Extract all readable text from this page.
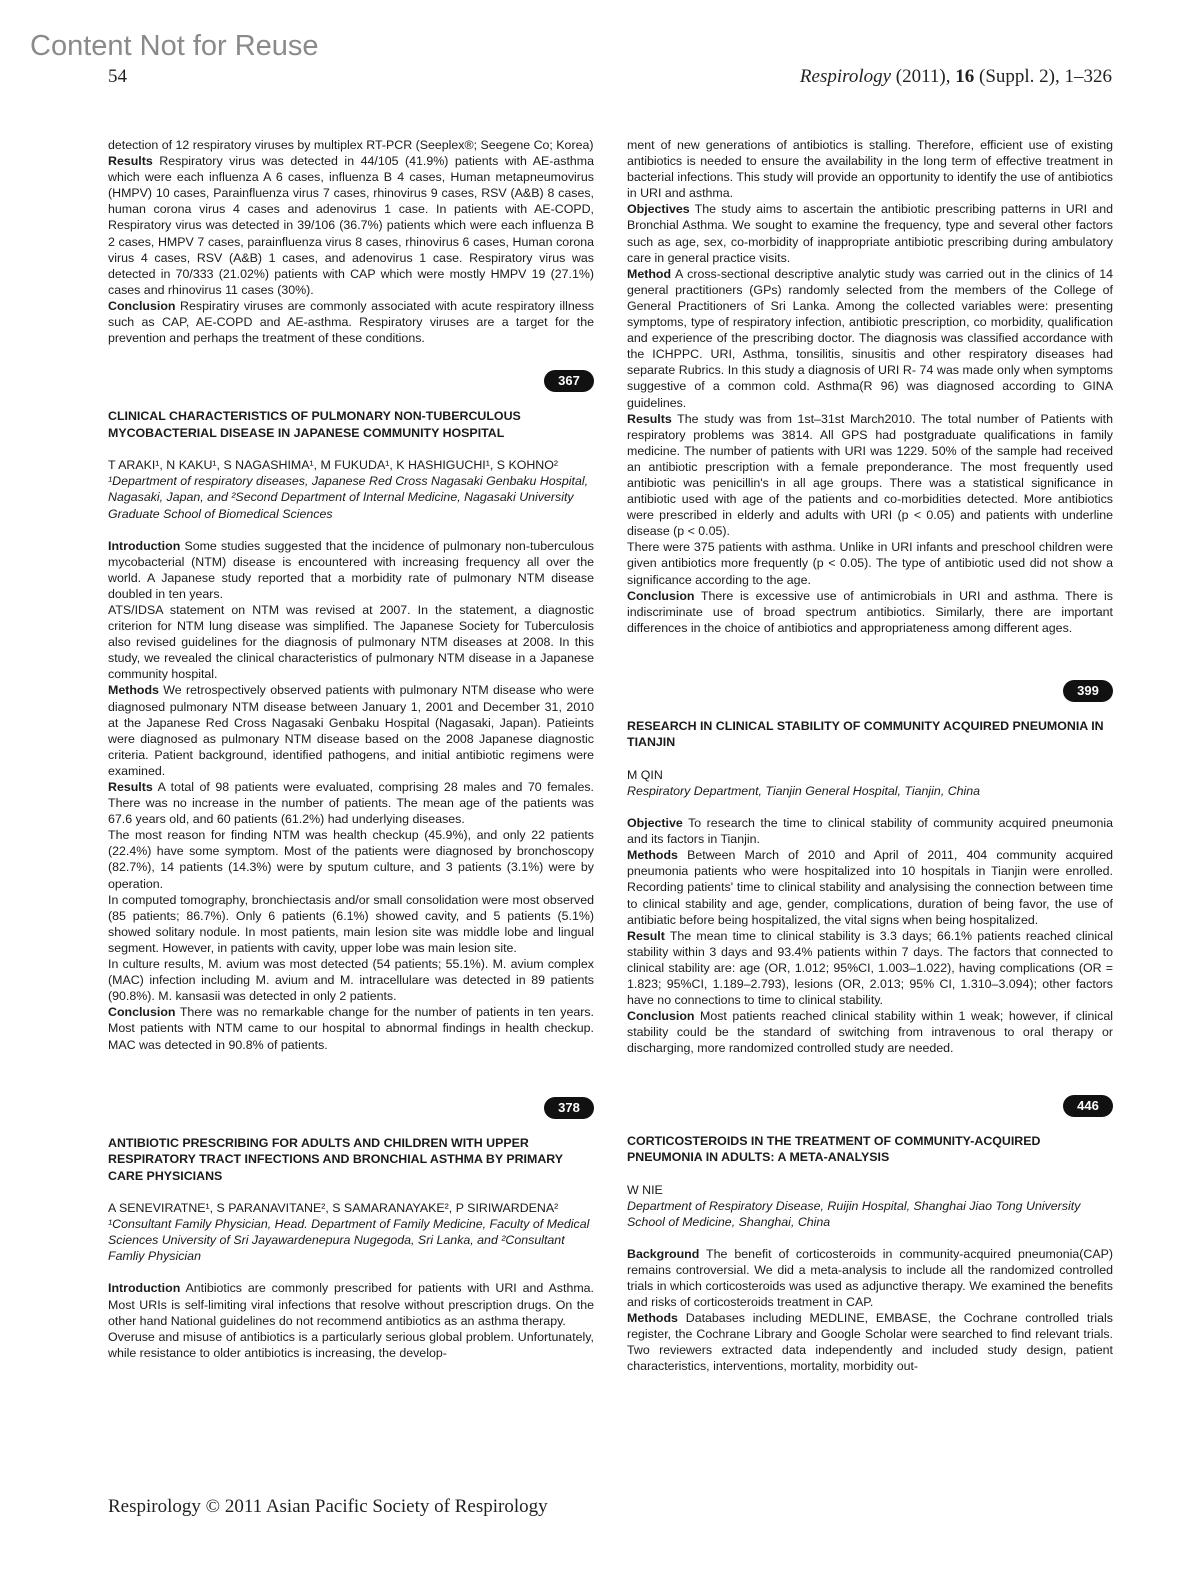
Content Not for Reuse
54	Respirology (2011), 16 (Suppl. 2), 1–326

detection of 12 respiratory viruses by multiplex RT-PCR (Seeplex®; Seegene Co; Korea)

Results Respiratory virus was detected in 44/105 (41.9%) patients with AE-asthma which were each influenza A 6 cases, influenza B 4 cases, Human metapneumovirus (HMPV) 10 cases, Parainfluenza virus 7 cases, rhinovirus 9 cases, RSV (A&B) 8 cases, human corona virus 4 cases and adenovirus 1 case. In patients with AE-COPD, Respiratory virus was detected in 39/106 (36.7%) patients which were each influenza B 2 cases, HMPV 7 cases, parainfluenza virus 8 cases, rhinovirus 6 cases, Human corona virus 4 cases, RSV (A&B) 1 cases, and adenovirus 1 case. Respiratory virus was detected in 70/333 (21.02%) patients with CAP which were mostly HMPV 19 (27.1%) cases and rhinovirus 11 cases (30%).

Conclusion Respiratiry viruses are commonly associated with acute respiratory illness such as CAP, AE-COPD and AE-asthma. Respiratory viruses are a target for the prevention and perhaps the treatment of these conditions.

367

CLINICAL CHARACTERISTICS OF PULMONARY NON-TUBERCULOUS MYCOBACTERIAL DISEASE IN JAPANESE COMMUNITY HOSPITAL

T ARAKI¹, N KAKU¹, S NAGASHIMA¹, M FUKUDA¹, K HASHIGUCHI¹, S KOHNO²

¹Department of respiratory diseases, Japanese Red Cross Nagasaki Genbaku Hospital, Nagasaki, Japan, and ²Second Department of Internal Medicine, Nagasaki University Graduate School of Biomedical Sciences

Introduction Some studies suggested that the incidence of pulmonary non-tuberculous mycobacterial (NTM) disease is encountered with increasing frequency all over the world. A Japanese study reported that a morbidity rate of pulmonary NTM disease doubled in ten years.

ATS/IDSA statement on NTM was revised at 2007. In the statement, a diagnostic criterion for NTM lung disease was simplified. The Japanese Society for Tuberculosis also revised guidelines for the diagnosis of pulmonary NTM diseases at 2008. In this study, we revealed the clinical characteristics of pulmonary NTM disease in a Japanese community hospital.

Methods We retrospectively observed patients with pulmonary NTM disease who were diagnosed pulmonary NTM disease between January 1, 2001 and December 31, 2010 at the Japanese Red Cross Nagasaki Genbaku Hospital (Nagasaki, Japan). Patieints were diagnosed as pulmonary NTM disease based on the 2008 Japanese diagnostic criteria. Patient background, identified pathogens, and initial antibiotic regimens were examined.

Results A total of 98 patients were evaluated, comprising 28 males and 70 females. There was no increase in the number of patients. The mean age of the patients was 67.6 years old, and 60 patients (61.2%) had underlying diseases.

The most reason for finding NTM was health checkup (45.9%), and only 22 patients (22.4%) have some symptom. Most of the patients were diagnosed by bronchoscopy (82.7%), 14 patients (14.3%) were by sputum culture, and 3 patients (3.1%) were by operation.

In computed tomography, bronchiectasis and/or small consolidation were most observed (85 patients; 86.7%). Only 6 patients (6.1%) showed cavity, and 5 patients (5.1%) showed solitary nodule. In most patients, main lesion site was middle lobe and lingual segment. However, in patients with cavity, upper lobe was main lesion site.

In culture results, M. avium was most detected (54 patients; 55.1%). M. avium complex (MAC) infection including M. avium and M. intracellulare was detected in 89 patients (90.8%). M. kansasii was detected in only 2 patients.

Conclusion There was no remarkable change for the number of patients in ten years. Most patients with NTM came to our hospital to abnormal findings in health checkup. MAC was detected in 90.8% of patients.

378

ANTIBIOTIC PRESCRIBING FOR ADULTS AND CHILDREN WITH UPPER RESPIRATORY TRACT INFECTIONS AND BRONCHIAL ASTHMA BY PRIMARY CARE PHYSICIANS

A SENEVIRATNE¹, S PARANAVITANE², S SAMARANAYAKE², P SIRIWARDENA²

¹Consultant Family Physician, Head. Department of Family Medicine, Faculty of Medical Sciences University of Sri Jayawardenepura Nugegoda, Sri Lanka, and ²Consultant Famliy Physician

Introduction Antibiotics are commonly prescribed for patients with URI and Asthma. Most URIs is self-limiting viral infections that resolve without prescription drugs. On the other hand National guidelines do not recommend antibiotics as an asthma therapy.

Overuse and misuse of antibiotics is a particularly serious global problem. Unfortunately, while resistance to older antibiotics is increasing, the develop-

ment of new generations of antibiotics is stalling. Therefore, efficient use of existing antibiotics is needed to ensure the availability in the long term of effective treatment in bacterial infections. This study will provide an opportunity to identify the use of antibiotics in URI and asthma.

Objectives The study aims to ascertain the antibiotic prescribing patterns in URI and Bronchial Asthma. We sought to examine the frequency, type and several other factors such as age, sex, co-morbidity of inappropriate antibiotic prescribing during ambulatory care in general practice visits.

Method A cross-sectional descriptive analytic study was carried out in the clinics of 14 general practitioners (GPs) randomly selected from the members of the College of General Practitioners of Sri Lanka. Among the collected variables were: presenting symptoms, type of respiratory infection, antibiotic prescription, co morbidity, qualification and experience of the prescribing doctor. The diagnosis was classified accordance with the ICHPPC. URI, Asthma, tonsilitis, sinusitis and other respiratory diseases had separate Rubrics. In this study a diagnosis of URI R- 74 was made only when symptoms suggestive of a common cold. Asthma(R 96) was diagnosed according to GINA guidelines.

Results The study was from 1st–31st March2010. The total number of Patients with respiratory problems was 3814. All GPS had postgraduate qualifications in family medicine. The number of patients with URI was 1229. 50% of the sample had received an antibiotic prescription with a female preponderance. The most frequently used antibiotic was penicillin's in all age groups. There was a statistical significance in antibiotic used with age of the patients and co-morbidities detected. More antibiotics were prescribed in elderly and adults with URI (p < 0.05) and patients with underline disease (p < 0.05).

There were 375 patients with asthma. Unlike in URI infants and preschool children were given antibiotics more frequently (p < 0.05). The type of antibiotic used did not show a significance according to the age.

Conclusion There is excessive use of antimicrobials in URI and asthma. There is indiscriminate use of broad spectrum antibiotics. Similarly, there are important differences in the choice of antibiotics and appropriateness among different ages.

399

RESEARCH IN CLINICAL STABILITY OF COMMUNITY ACQUIRED PNEUMONIA IN TIANJIN

M QIN

Respiratory Department, Tianjin General Hospital, Tianjin, China

Objective To research the time to clinical stability of community acquired pneumonia and its factors in Tianjin.

Methods Between March of 2010 and April of 2011, 404 community acquired pneumonia patients who were hospitalized into 10 hospitals in Tianjin were enrolled. Recording patients' time to clinical stability and analysising the connection between time to clinical stability and age, gender, complications, duration of being favor, the use of antibiatic before being hospitalized, the vital signs when being hospitalized.

Result The mean time to clinical stability is 3.3 days; 66.1% patients reached clinical stability within 3 days and 93.4% patients within 7 days. The factors that connected to clinical stability are: age (OR, 1.012; 95%CI, 1.003–1.022), having complications (OR = 1.823; 95%CI, 1.189–2.793), lesions (OR, 2.013; 95% CI, 1.310–3.094); other factors have no connections to time to clinical stability.

Conclusion Most patients reached clinical stability within 1 weak; however, if clinical stability could be the standard of switching from intravenous to oral therapy or discharging, more randomized controlled study are needed.

446

CORTICOSTEROIDS IN THE TREATMENT OF COMMUNITY-ACQUIRED PNEUMONIA IN ADULTS: A META-ANALYSIS

W NIE

Department of Respiratory Disease, Ruijin Hospital, Shanghai Jiao Tong University School of Medicine, Shanghai, China

Background The benefit of corticosteroids in community-acquired pneumonia(CAP) remains controversial. We did a meta-analysis to include all the randomized controlled trials in which corticosteroids was used as adjunctive therapy. We examined the benefits and risks of corticosteroids treatment in CAP.

Methods Databases including MEDLINE, EMBASE, the Cochrane controlled trials register, the Cochrane Library and Google Scholar were searched to find relevant trials. Two reviewers extracted data independently and included study design, patient characteristics, interventions, mortality, morbidity out-

Respirology © 2011 Asian Pacific Society of Respirology
